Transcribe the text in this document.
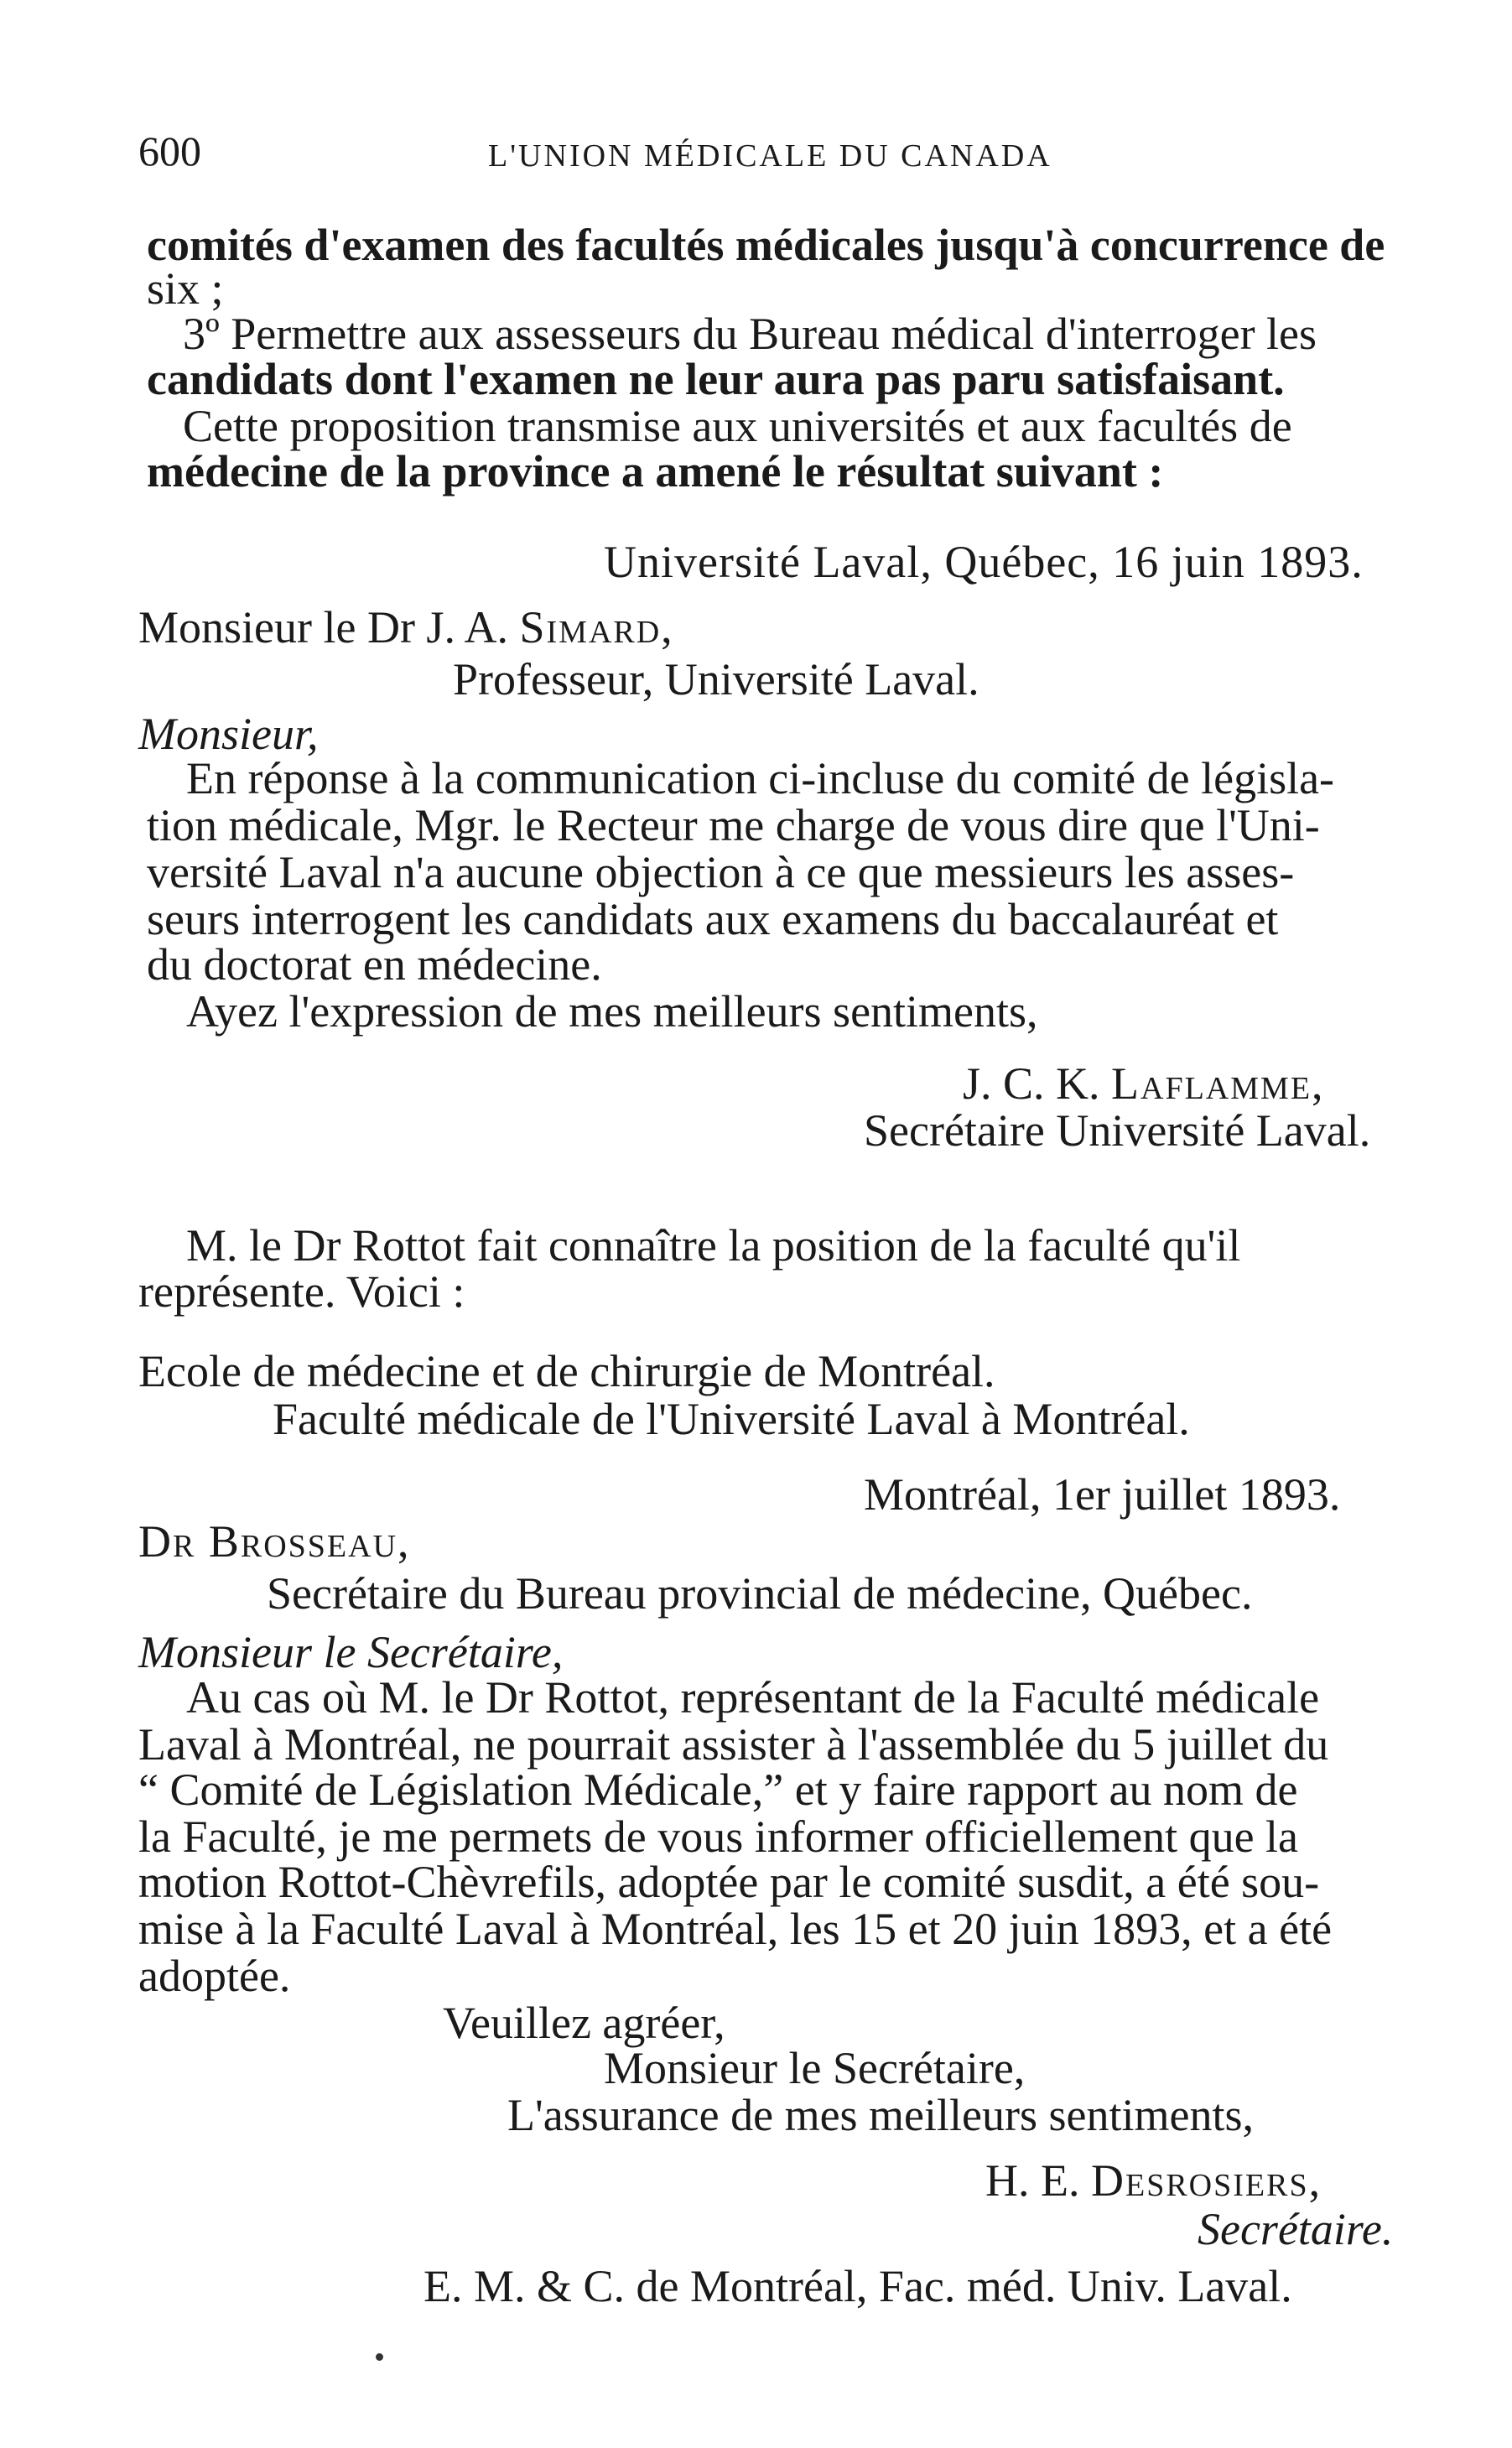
600	L'UNION MÉDICALE DU CANADA
comités d'examen des facultés médicales jusqu'à concurrence de
six ;
3º Permettre aux assesseurs du Bureau médical d'interroger les
candidats dont l'examen ne leur aura pas paru satisfaisant.
Cette proposition transmise aux universités et aux facultés de
médecine de la province a amené le résultat suivant :
Université Laval, Québec, 16 juin 1893.
Monsieur le Dr J. A. Simard,
Professeur, Université Laval.
Monsieur,
En réponse à la communication ci-incluse du comité de législa-
tion médicale, Mgr. le Recteur me charge de vous dire que l'Uni-
versité Laval n'a aucune objection à ce que messieurs les asses-
seurs interrogent les candidats aux examens du baccalauréat et
du doctorat en médecine.
Ayez l'expression de mes meilleurs sentiments,
J. C. K. Laflamme,
Secrétaire Université Laval.
M. le Dr Rottot fait connaître la position de la faculté qu'il
représente. Voici :
Ecole de médecine et de chirurgie de Montréal.
Faculté médicale de l'Université Laval à Montréal.
Montréal, 1er juillet 1893.
Dr Brosseau,
Secrétaire du Bureau provincial de médecine, Québec.
Monsieur le Secrétaire,
Au cas où M. le Dr Rottot, représentant de la Faculté médicale
Laval à Montréal, ne pourrait assister à l'assemblée du 5 juillet du
“ Comité de Législation Médicale,” et y faire rapport au nom de
la Faculté, je me permets de vous informer officiellement que la
motion Rottot-Chèvrefils, adoptée par le comité susdit, a été sou-
mise à la Faculté Laval à Montréal, les 15 et 20 juin 1893, et a été
adoptée.
Veuillez agréer,
Monsieur le Secrétaire,
L'assurance de mes meilleurs sentiments,
H. E. Desrosiers,
Secrétaire.
E. M. & C. de Montréal, Fac. méd. Univ. Laval.
